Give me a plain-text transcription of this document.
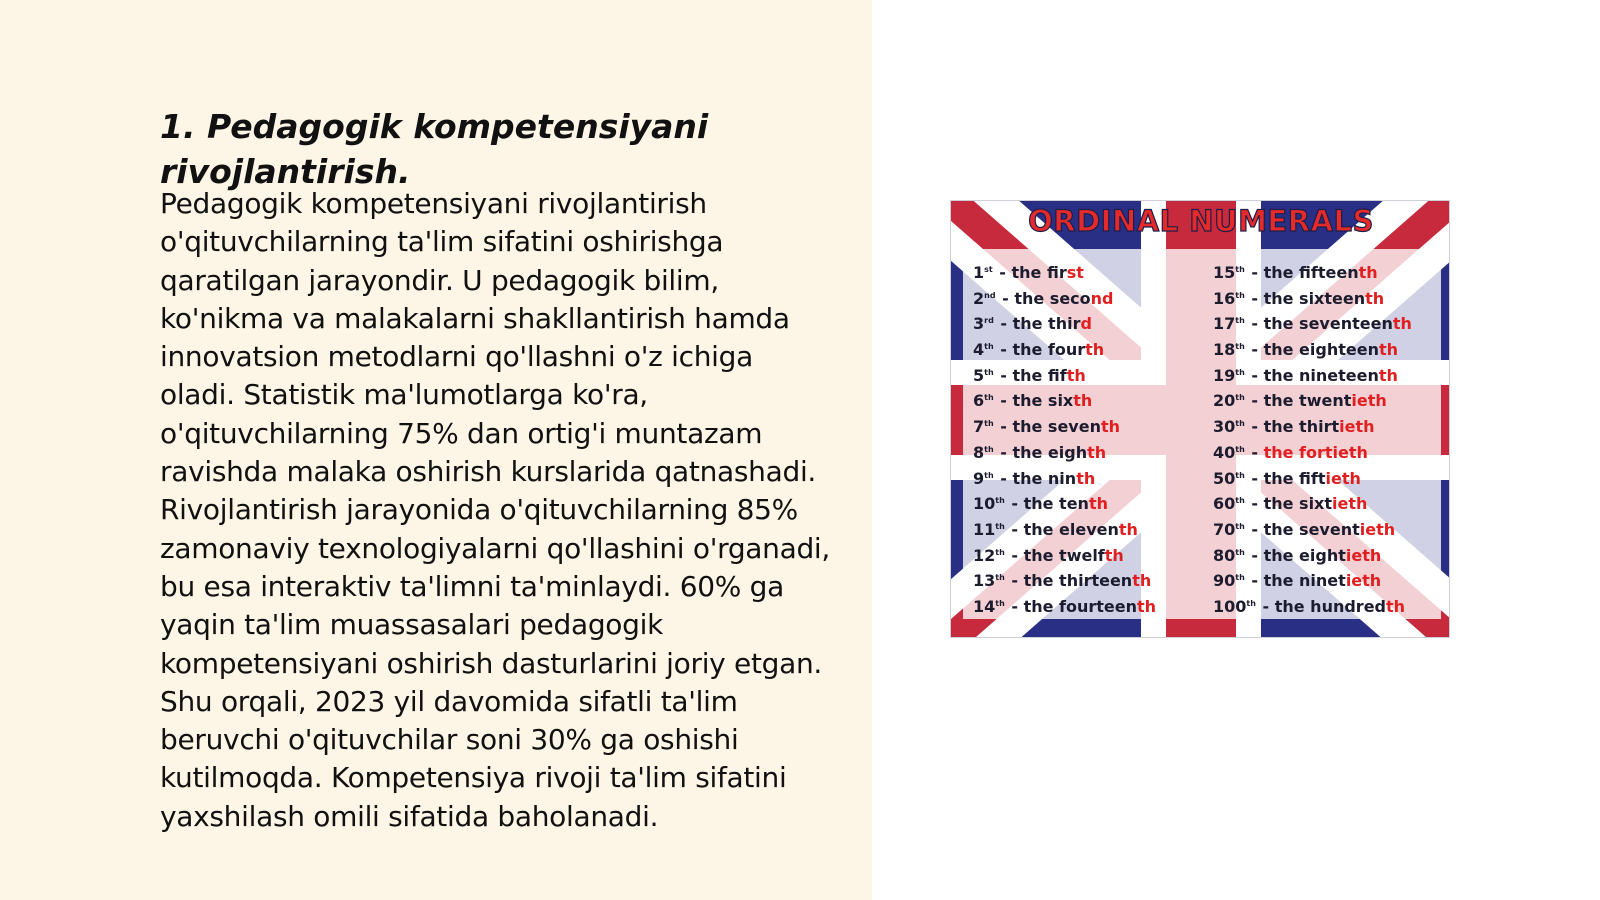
1. Pedagogik kompetensiyani rivojlantirish.

Pedagogik kompetensiyani rivojlantirish o'qituvchilarning ta'lim sifatini oshirishga qaratilgan jarayondir. U pedagogik bilim, ko'nikma va malakalarni shakllantirish hamda innovatsion metodlarni qo'llashni o'z ichiga oladi. Statistik ma'lumotlarga ko'ra, o'qituvchilarning 75% dan ortig'i muntazam ravishda malaka oshirish kurslarida qatnashadi. Rivojlantirish jarayonida o'qituvchilarning 85% zamonaviy texnologiyalarni qo'llashini o'rganadi, bu esa interaktiv ta'limni ta'minlaydi. 60% ga yaqin ta'lim muassasalari pedagogik kompetensiyani oshirish dasturlarini joriy etgan. Shu orqali, 2023 yil davomida sifatli ta'lim beruvchi o'qituvchilar soni 30% ga oshishi kutilmoqda. Kompetensiya rivoji ta'lim sifatini yaxshilash omili sifatida baholanadi.

ORDINAL NUMERALS
1st - the first
2nd - the second
3rd - the third
4th - the fourth
5th - the fifth
6th - the sixth
7th - the seventh
8th - the eighth
9th - the ninth
10th - the tenth
11th - the eleventh
12th - the twelfth
13th - the thirteenth
14th - the fourteenth
15th - the fifteenth
16th - the sixteenth
17th - the seventeenth
18th - the eighteenth
19th - the nineteenth
20th - the twentieth
30th - the thirtieth
40th - the fortieth
50th - the fiftieth
60th - the sixtieth
70th - the seventieth
80th - the eightieth
90th - the ninetieth
100th - the hundredth
